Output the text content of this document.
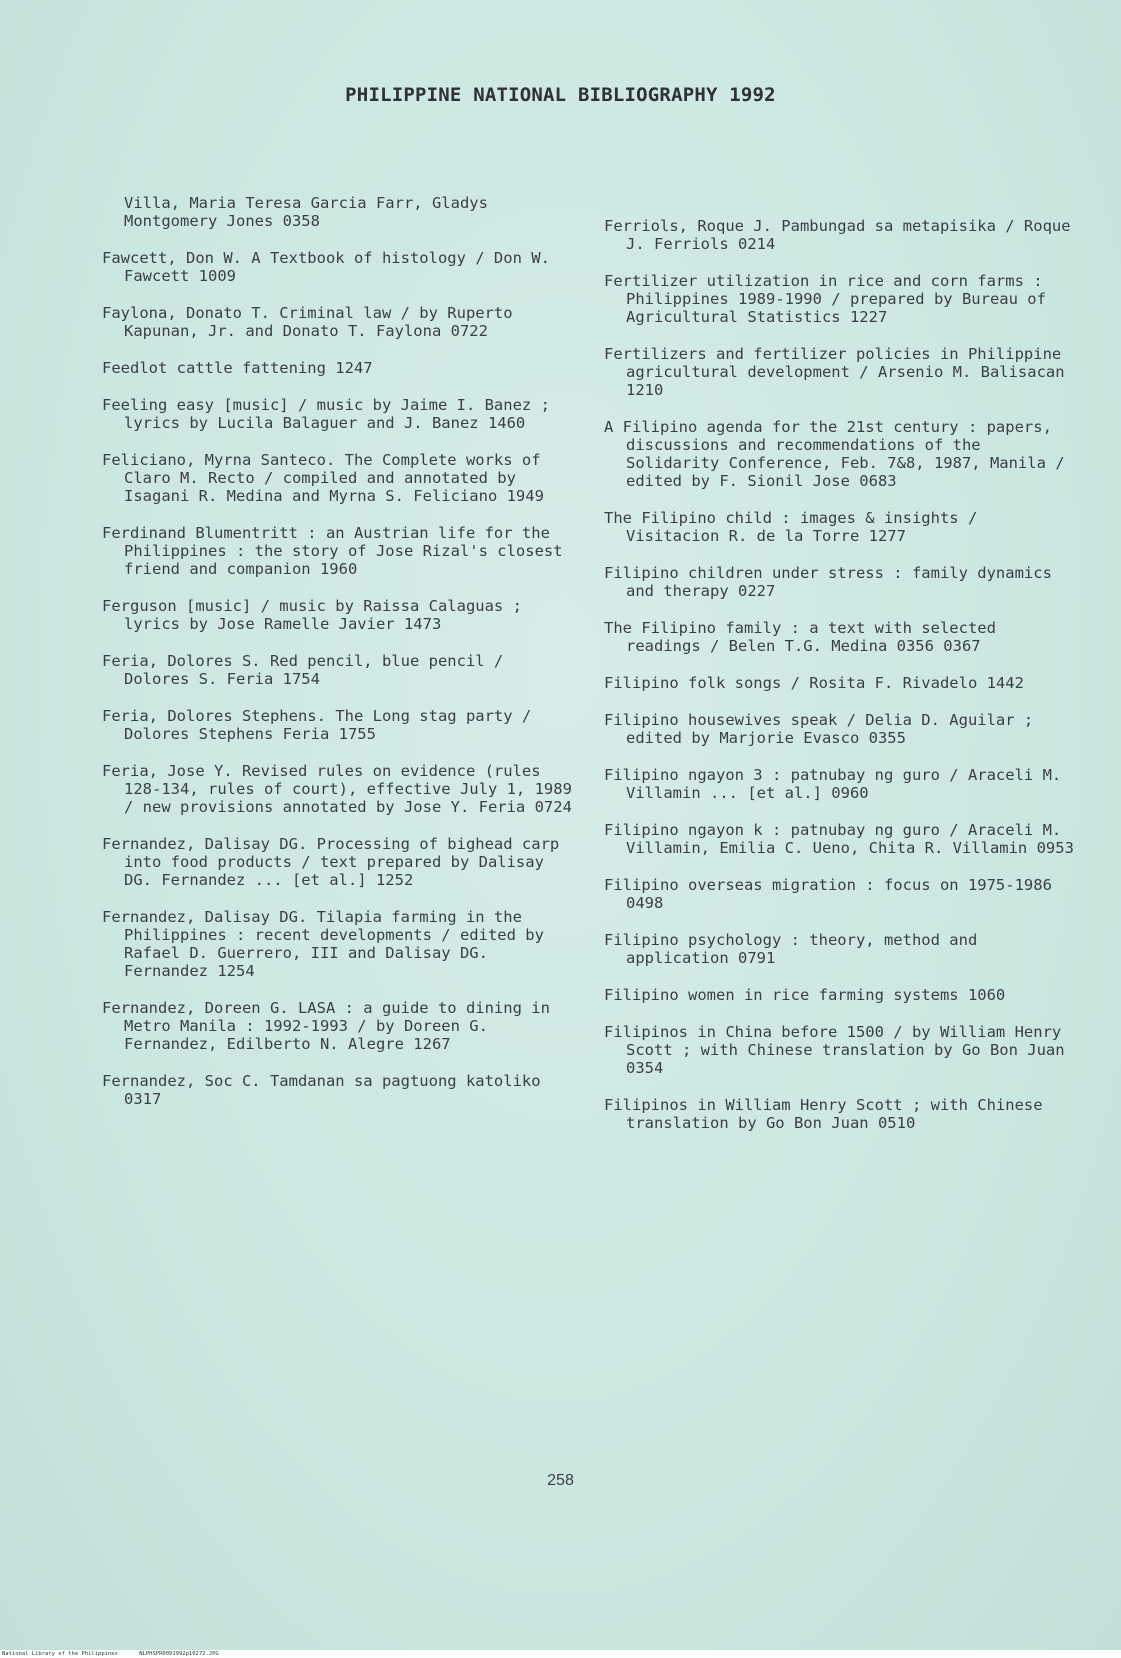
PHILIPPINE NATIONAL BIBLIOGRAPHY 1992
Villa, Maria Teresa Garcia Farr, Gladys Montgomery Jones 0358
Fawcett, Don W. A Textbook of histology / Don W. Fawcett 1009
Faylona, Donato T. Criminal law / by Ruperto Kapunan, Jr. and Donato T. Faylona 0722
Feedlot cattle fattening 1247
Feeling easy [music] / music by Jaime I. Banez ; lyrics by Lucila Balaguer and J. Banez 1460
Feliciano, Myrna Santeco. The Complete works of Claro M. Recto / compiled and annotated by Isagani R. Medina and Myrna S. Feliciano 1949
Ferdinand Blumentritt : an Austrian life for the Philippines : the story of Jose Rizal's closest friend and companion 1960
Ferguson [music] / music by Raissa Calaguas ; lyrics by Jose Ramelle Javier 1473
Feria, Dolores S. Red pencil, blue pencil / Dolores S. Feria 1754
Feria, Dolores Stephens. The Long stag party / Dolores Stephens Feria 1755
Feria, Jose Y. Revised rules on evidence (rules 128-134, rules of court), effective July 1, 1989 / new provisions annotated by Jose Y. Feria 0724
Fernandez, Dalisay DG. Processing of bighead carp into food products / text prepared by Dalisay DG. Fernandez ... [et al.] 1252
Fernandez, Dalisay DG. Tilapia farming in the Philippines : recent developments / edited by Rafael D. Guerrero, III and Dalisay DG. Fernandez 1254
Fernandez, Doreen G. LASA : a guide to dining in Metro Manila : 1992-1993 / by Doreen G. Fernandez, Edilberto N. Alegre 1267
Fernandez, Soc C. Tamdanan sa pagtuong katoliko 0317
Ferriols, Roque J. Pambungad sa metapisika / Roque J. Ferriols 0214
Fertilizer utilization in rice and corn farms : Philippines 1989-1990 / prepared by Bureau of Agricultural Statistics 1227
Fertilizers and fertilizer policies in Philippine agricultural development / Arsenio M. Balisacan 1210
A Filipino agenda for the 21st century : papers, discussions and recommendations of the Solidarity Conference, Feb. 7&8, 1987, Manila / edited by F. Sionil Jose 0683
The Filipino child : images & insights / Visitacion R. de la Torre 1277
Filipino children under stress : family dynamics and therapy 0227
The Filipino family : a text with selected readings / Belen T.G. Medina 0356 0367
Filipino folk songs / Rosita F. Rivadelo 1442
Filipino housewives speak / Delia D. Aguilar ; edited by Marjorie Evasco 0355
Filipino ngayon 3 : patnubay ng guro / Araceli M. Villamin ... [et al.] 0960
Filipino ngayon k : patnubay ng guro / Araceli M. Villamin, Emilia C. Ueno, Chita R. Villamin 0953
Filipino overseas migration : focus on 1975-1986 0498
Filipino psychology : theory, method and application 0791
Filipino women in rice farming systems 1060
Filipinos in China before 1500 / by William Henry Scott ; with Chinese translation by Go Bon Juan 0354
Filipinos in William Henry Scott ; with Chinese translation by Go Bon Juan 0510
258
National Library of the Philippines	NLPHSPR0091992p10272.JPG
